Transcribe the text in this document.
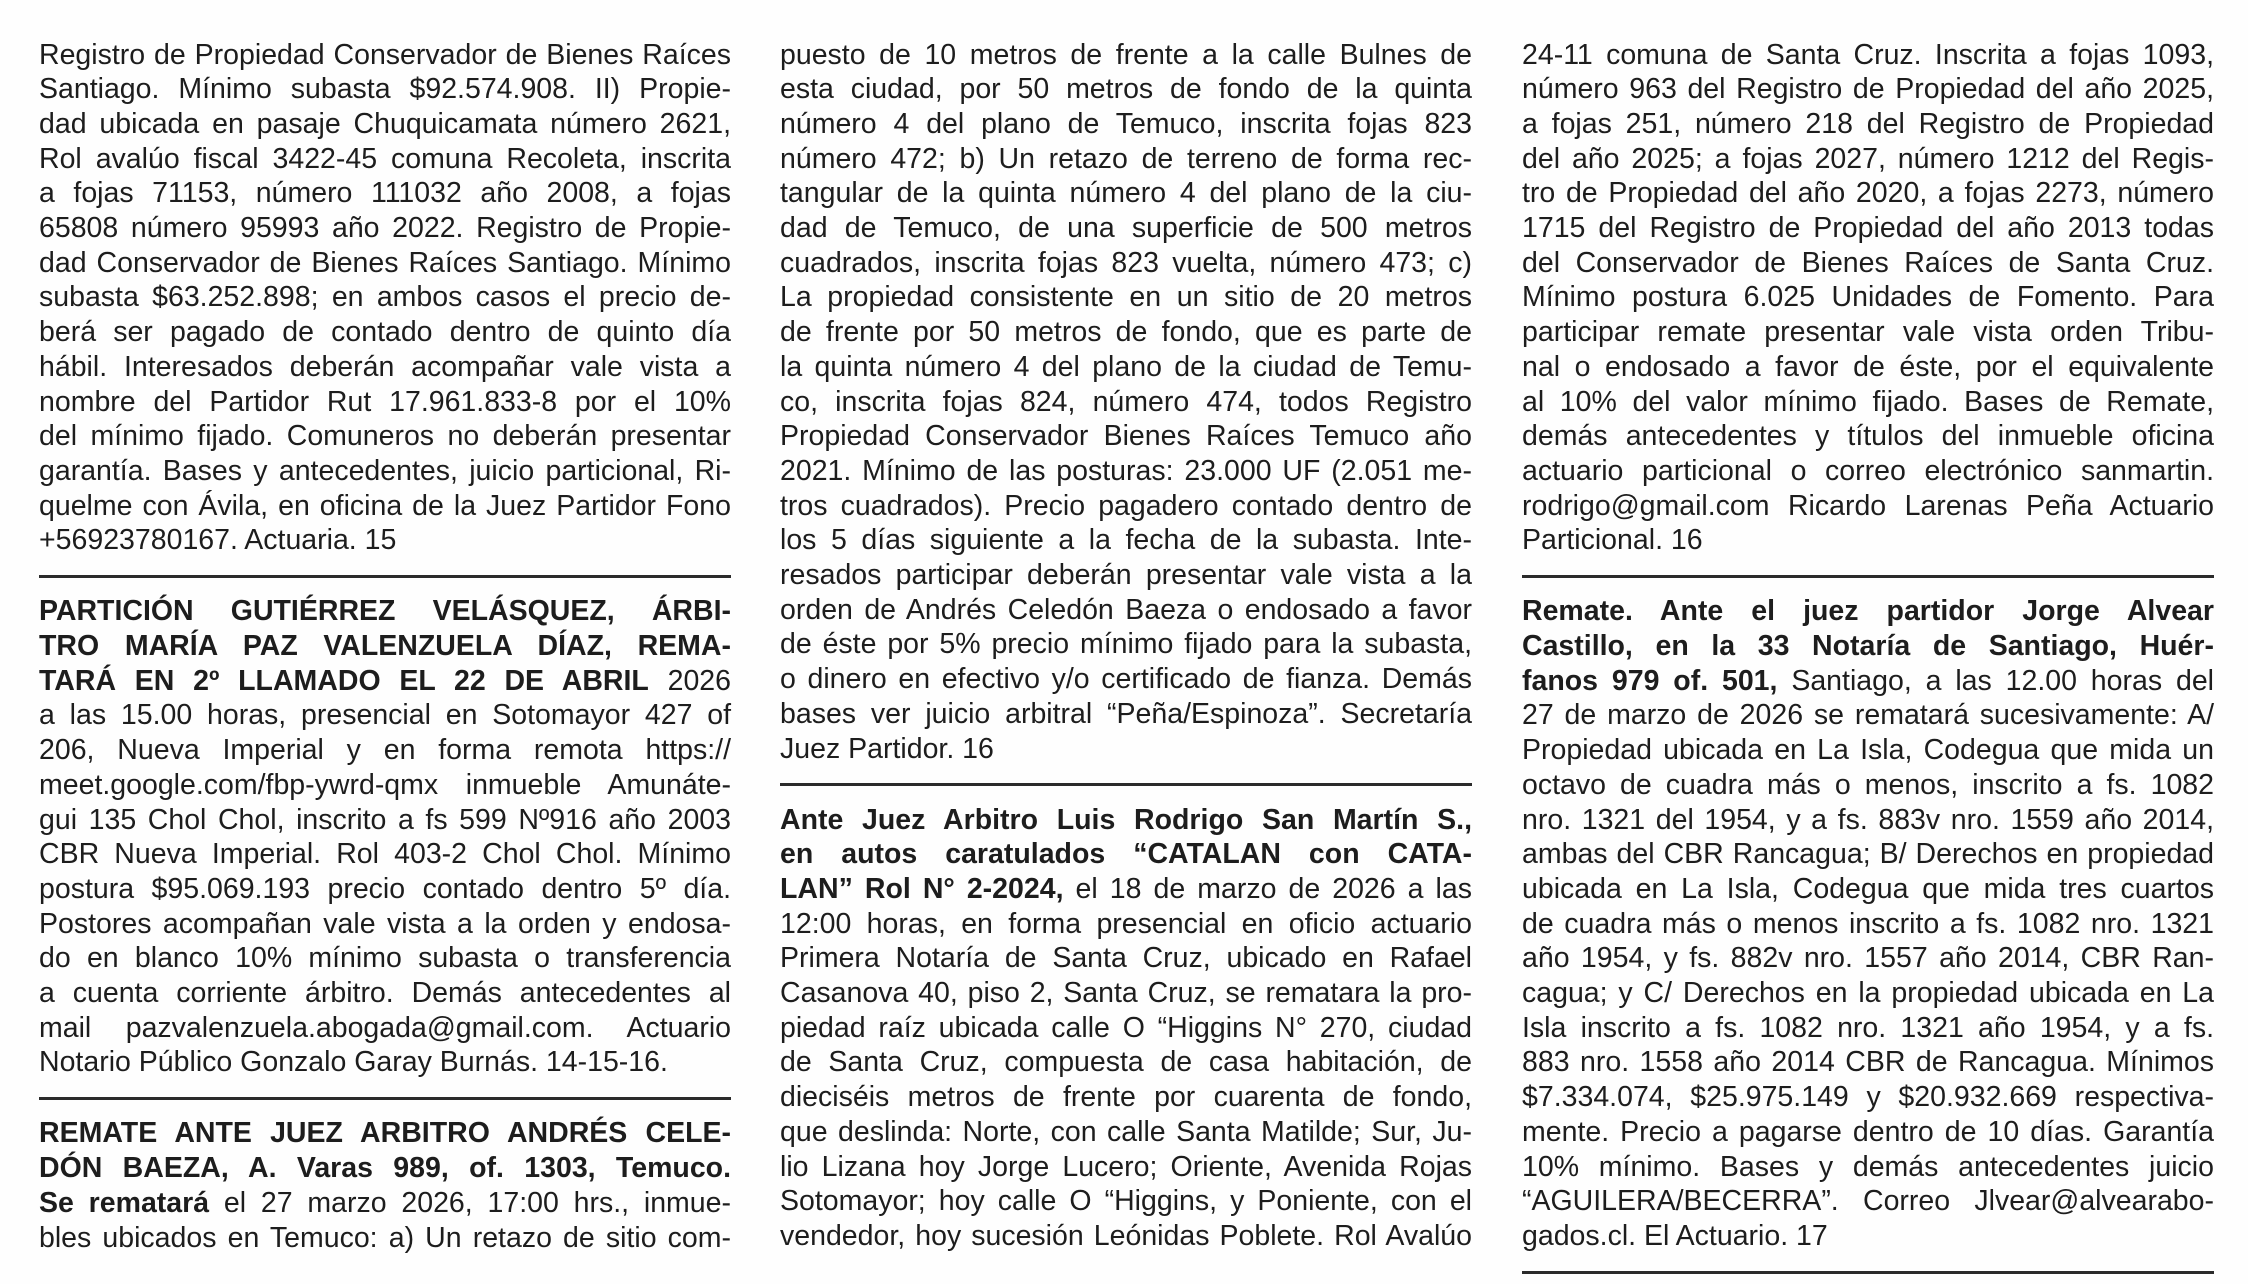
Registro de Propiedad Conservador de Bienes Raíces
Santiago. Mínimo subasta $92.574.908. II) Propie-
dad ubicada en pasaje Chuquicamata número 2621,
Rol avalúo fiscal 3422-45 comuna Recoleta, inscrita
a fojas 71153, número 111032 año 2008, a fojas
65808 número 95993 año 2022. Registro de Propie-
dad Conservador de Bienes Raíces Santiago. Mínimo
subasta $63.252.898; en ambos casos el precio de-
berá ser pagado de contado dentro de quinto día
hábil. Interesados deberán acompañar vale vista a
nombre del Partidor Rut 17.961.833-8 por el 10%
del mínimo fijado. Comuneros no deberán presentar
garantía. Bases y antecedentes, juicio particional, Ri-
quelme con Ávila, en oficina de la Juez Partidor Fono
+56923780167. Actuaria. 15
PARTICIÓN GUTIÉRREZ VELÁSQUEZ, ÁRBI-
TRO MARÍA PAZ VALENZUELA DÍAZ, REMA-
TARÁ EN 2º LLAMADO EL 22 DE ABRIL 2026
a las 15.00 horas, presencial en Sotomayor 427 of
206, Nueva Imperial y en forma remota https://
meet.google.com/fbp-ywrd-qmx inmueble Amunáte-
gui 135 Chol Chol, inscrito a fs 599 Nº916 año 2003
CBR Nueva Imperial. Rol 403-2 Chol Chol. Mínimo
postura $95.069.193 precio contado dentro 5º día.
Postores acompañan vale vista a la orden y endosa-
do en blanco 10% mínimo subasta o transferencia
a cuenta corriente árbitro. Demás antecedentes al
mail pazvalenzuela.abogada@gmail.com. Actuario
Notario Público Gonzalo Garay Burnás. 14-15-16.
REMATE ANTE JUEZ ARBITRO ANDRÉS CELE-
DÓN BAEZA, A. Varas 989, of. 1303, Temuco.
Se rematará el 27 marzo 2026, 17:00 hrs., inmue-
bles ubicados en Temuco: a) Un retazo de sitio com-
puesto de 10 metros de frente a la calle Bulnes de
esta ciudad, por 50 metros de fondo de la quinta
número 4 del plano de Temuco, inscrita fojas 823
número 472; b) Un retazo de terreno de forma rec-
tangular de la quinta número 4 del plano de la ciu-
dad de Temuco, de una superficie de 500 metros
cuadrados, inscrita fojas 823 vuelta, número 473; c)
La propiedad consistente en un sitio de 20 metros
de frente por 50 metros de fondo, que es parte de
la quinta número 4 del plano de la ciudad de Temu-
co, inscrita fojas 824, número 474, todos Registro
Propiedad Conservador Bienes Raíces Temuco año
2021. Mínimo de las posturas: 23.000 UF (2.051 me-
tros cuadrados). Precio pagadero contado dentro de
los 5 días siguiente a la fecha de la subasta. Inte-
resados participar deberán presentar vale vista a la
orden de Andrés Celedón Baeza o endosado a favor
de éste por 5% precio mínimo fijado para la subasta,
o dinero en efectivo y/o certificado de fianza. Demás
bases ver juicio arbitral “Peña/Espinoza”. Secretaría
Juez Partidor. 16
Ante Juez Arbitro Luis Rodrigo San Martín S.,
en autos caratulados “CATALAN con CATA-
LAN” Rol N° 2-2024, el 18 de marzo de 2026 a las
12:00 horas, en forma presencial en oficio actuario
Primera Notaría de Santa Cruz, ubicado en Rafael
Casanova 40, piso 2, Santa Cruz, se rematara la pro-
piedad raíz ubicada calle O “Higgins N° 270, ciudad
de Santa Cruz, compuesta de casa habitación, de
dieciséis metros de frente por cuarenta de fondo,
que deslinda: Norte, con calle Santa Matilde; Sur, Ju-
lio Lizana hoy Jorge Lucero; Oriente, Avenida Rojas
Sotomayor; hoy calle O “Higgins, y Poniente, con el
vendedor, hoy sucesión Leónidas Poblete. Rol Avalúo
24-11 comuna de Santa Cruz. Inscrita a fojas 1093,
número 963 del Registro de Propiedad del año 2025,
a fojas 251, número 218 del Registro de Propiedad
del año 2025; a fojas 2027, número 1212 del Regis-
tro de Propiedad del año 2020, a fojas 2273, número
1715 del Registro de Propiedad del año 2013 todas
del Conservador de Bienes Raíces de Santa Cruz.
Mínimo postura 6.025 Unidades de Fomento. Para
participar remate presentar vale vista orden Tribu-
nal o endosado a favor de éste, por el equivalente
al 10% del valor mínimo fijado. Bases de Remate,
demás antecedentes y títulos del inmueble oficina
actuario particional o correo electrónico sanmartin.
rodrigo@gmail.com Ricardo Larenas Peña Actuario
Particional. 16
Remate. Ante el juez partidor Jorge Alvear
Castillo, en la 33 Notaría de Santiago, Huér-
fanos 979 of. 501, Santiago, a las 12.00 horas del
27 de marzo de 2026 se rematará sucesivamente: A/
Propiedad ubicada en La Isla, Codegua que mida un
octavo de cuadra más o menos, inscrito a fs. 1082
nro. 1321 del 1954, y a fs. 883v nro. 1559 año 2014,
ambas del CBR Rancagua; B/ Derechos en propiedad
ubicada en La Isla, Codegua que mida tres cuartos
de cuadra más o menos inscrito a fs. 1082 nro. 1321
año 1954, y fs. 882v nro. 1557 año 2014, CBR Ran-
cagua; y C/ Derechos en la propiedad ubicada en La
Isla inscrito a fs. 1082 nro. 1321 año 1954, y a fs.
883 nro. 1558 año 2014 CBR de Rancagua. Mínimos
$7.334.074, $25.975.149 y $20.932.669 respectiva-
mente. Precio a pagarse dentro de 10 días. Garantía
10% mínimo. Bases y demás antecedentes juicio
“AGUILERA/BECERRA”. Correo Jlvear@alvearabo-
gados.cl. El Actuario. 17
